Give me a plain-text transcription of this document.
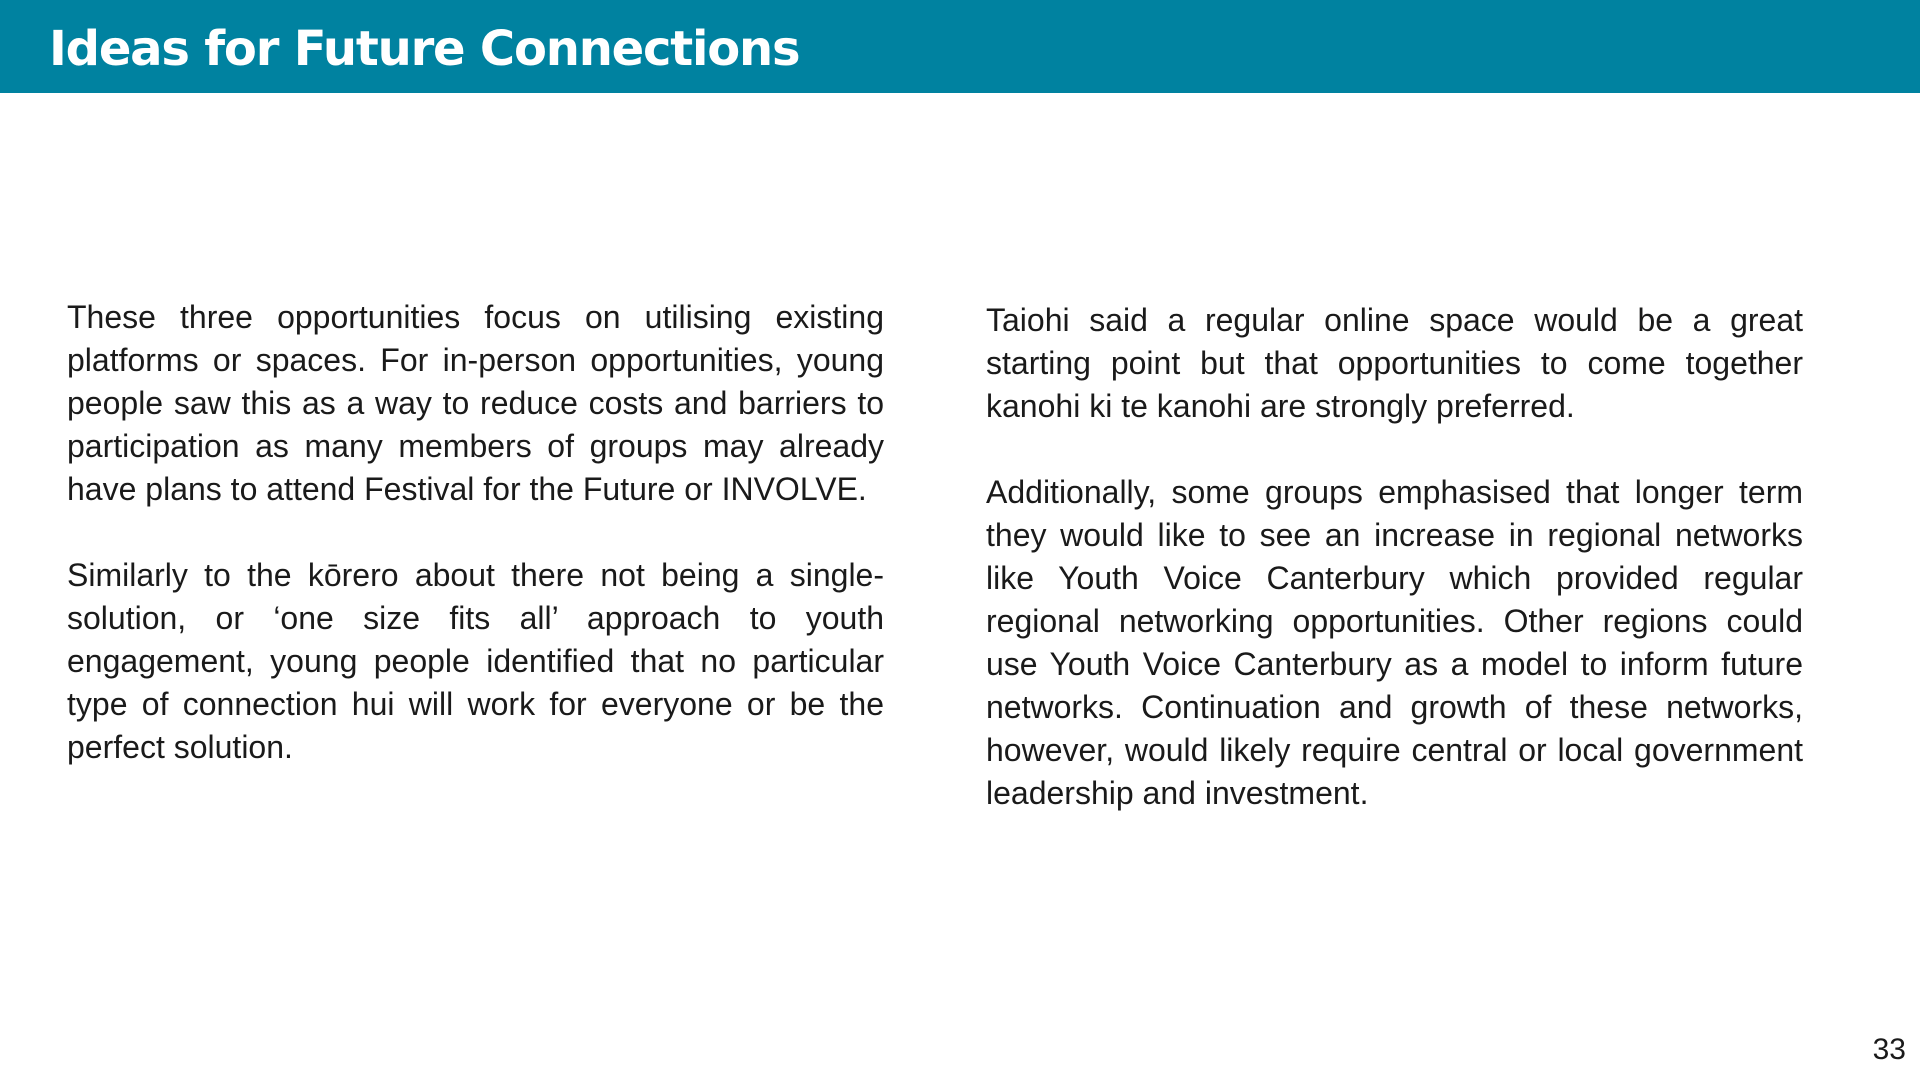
Ideas for Future Connections

These three opportunities focus on utilising existing platforms or spaces. For in-person opportunities, young people saw this as a way to reduce costs and barriers to participation as many members of groups may already have plans to attend Festival for the Future or INVOLVE.

Similarly to the kōrero about there not being a single-solution, or ‘one size fits all’ approach to youth engagement, young people identified that no particular type of connection hui will work for everyone or be the perfect solution.

Taiohi said a regular online space would be a great starting point but that opportunities to come together kanohi ki te kanohi are strongly preferred.

Additionally, some groups emphasised that longer term they would like to see an increase in regional networks like Youth Voice Canterbury which provided regular regional networking opportunities. Other regions could use Youth Voice Canterbury as a model to inform future networks. Continuation and growth of these networks, however, would likely require central or local government leadership and investment.

33
